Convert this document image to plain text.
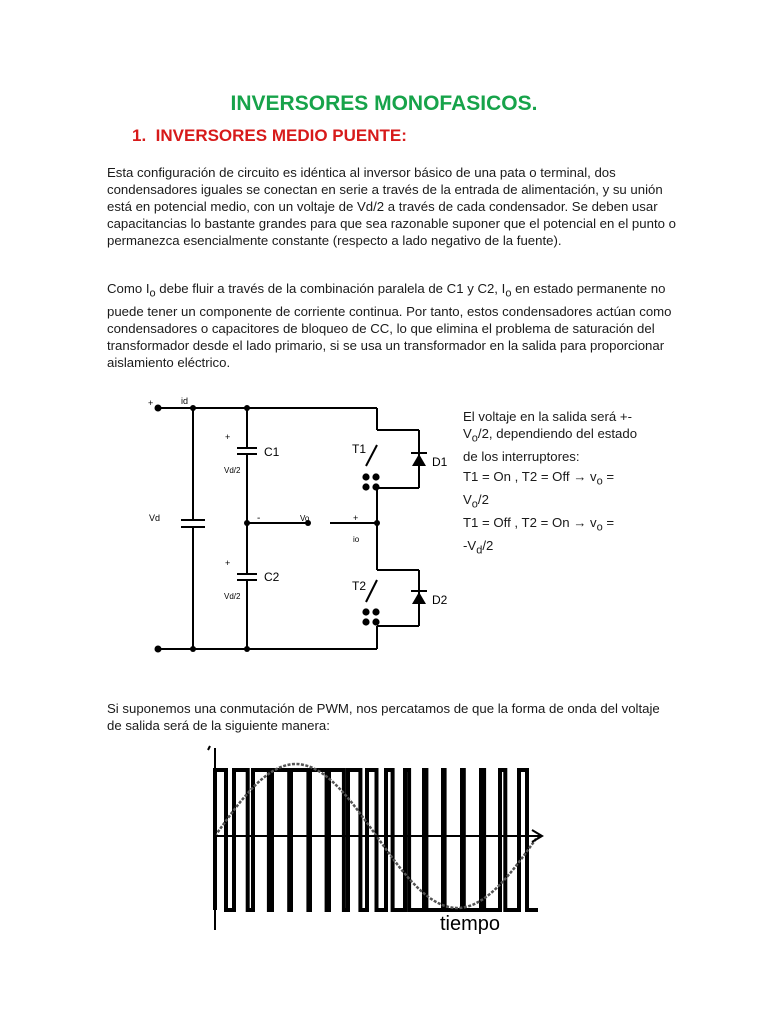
INVERSORES MONOFASICOS.
1. INVERSORES MEDIO PUENTE:

Esta configuración de circuito es idéntica al inversor básico de una pata o terminal, dos condensadores iguales se conectan en serie a través de la entrada de alimentación, y su unión está en potencial medio, con un voltaje de Vd/2 a través de cada condensador. Se deben usar capacitancias lo bastante grandes para que sea razonable suponer que el potencial en el punto o permanezca esencialmente constante (respecto a lado negativo de la fuente).

Como $I_o$ debe fluir a través de la combinación paralela de C1 y C2, $I_o$ en estado permanente no puede tener un componente de corriente continua. Por tanto, estos condensadores actúan como condensadores o capacitores de bloqueo de CC, lo que elimina el problema de saturación del transformador desde el lado primario, si se usa un transformador en la salida para proporcionar aislamiento eléctrico.

+	id
Vd
+
C1
Vd/2
+
C2
Vd/2
-	Vo	+
io
T1
T2
D1
D2
El voltaje en la salida será +-
$V_o/2$, dependiendo del estado de los interruptores:
T1 = On , T2 = Off → $v_o$ =
$V_o/2$
T1 = Off , $T2 = On \to v_o$ =
$-V_d/2$

Si suponemos una conmutación de PWM, nos percatamos de que la forma de onda del voltaje de salida será de la siguiente manera:

tiempo
